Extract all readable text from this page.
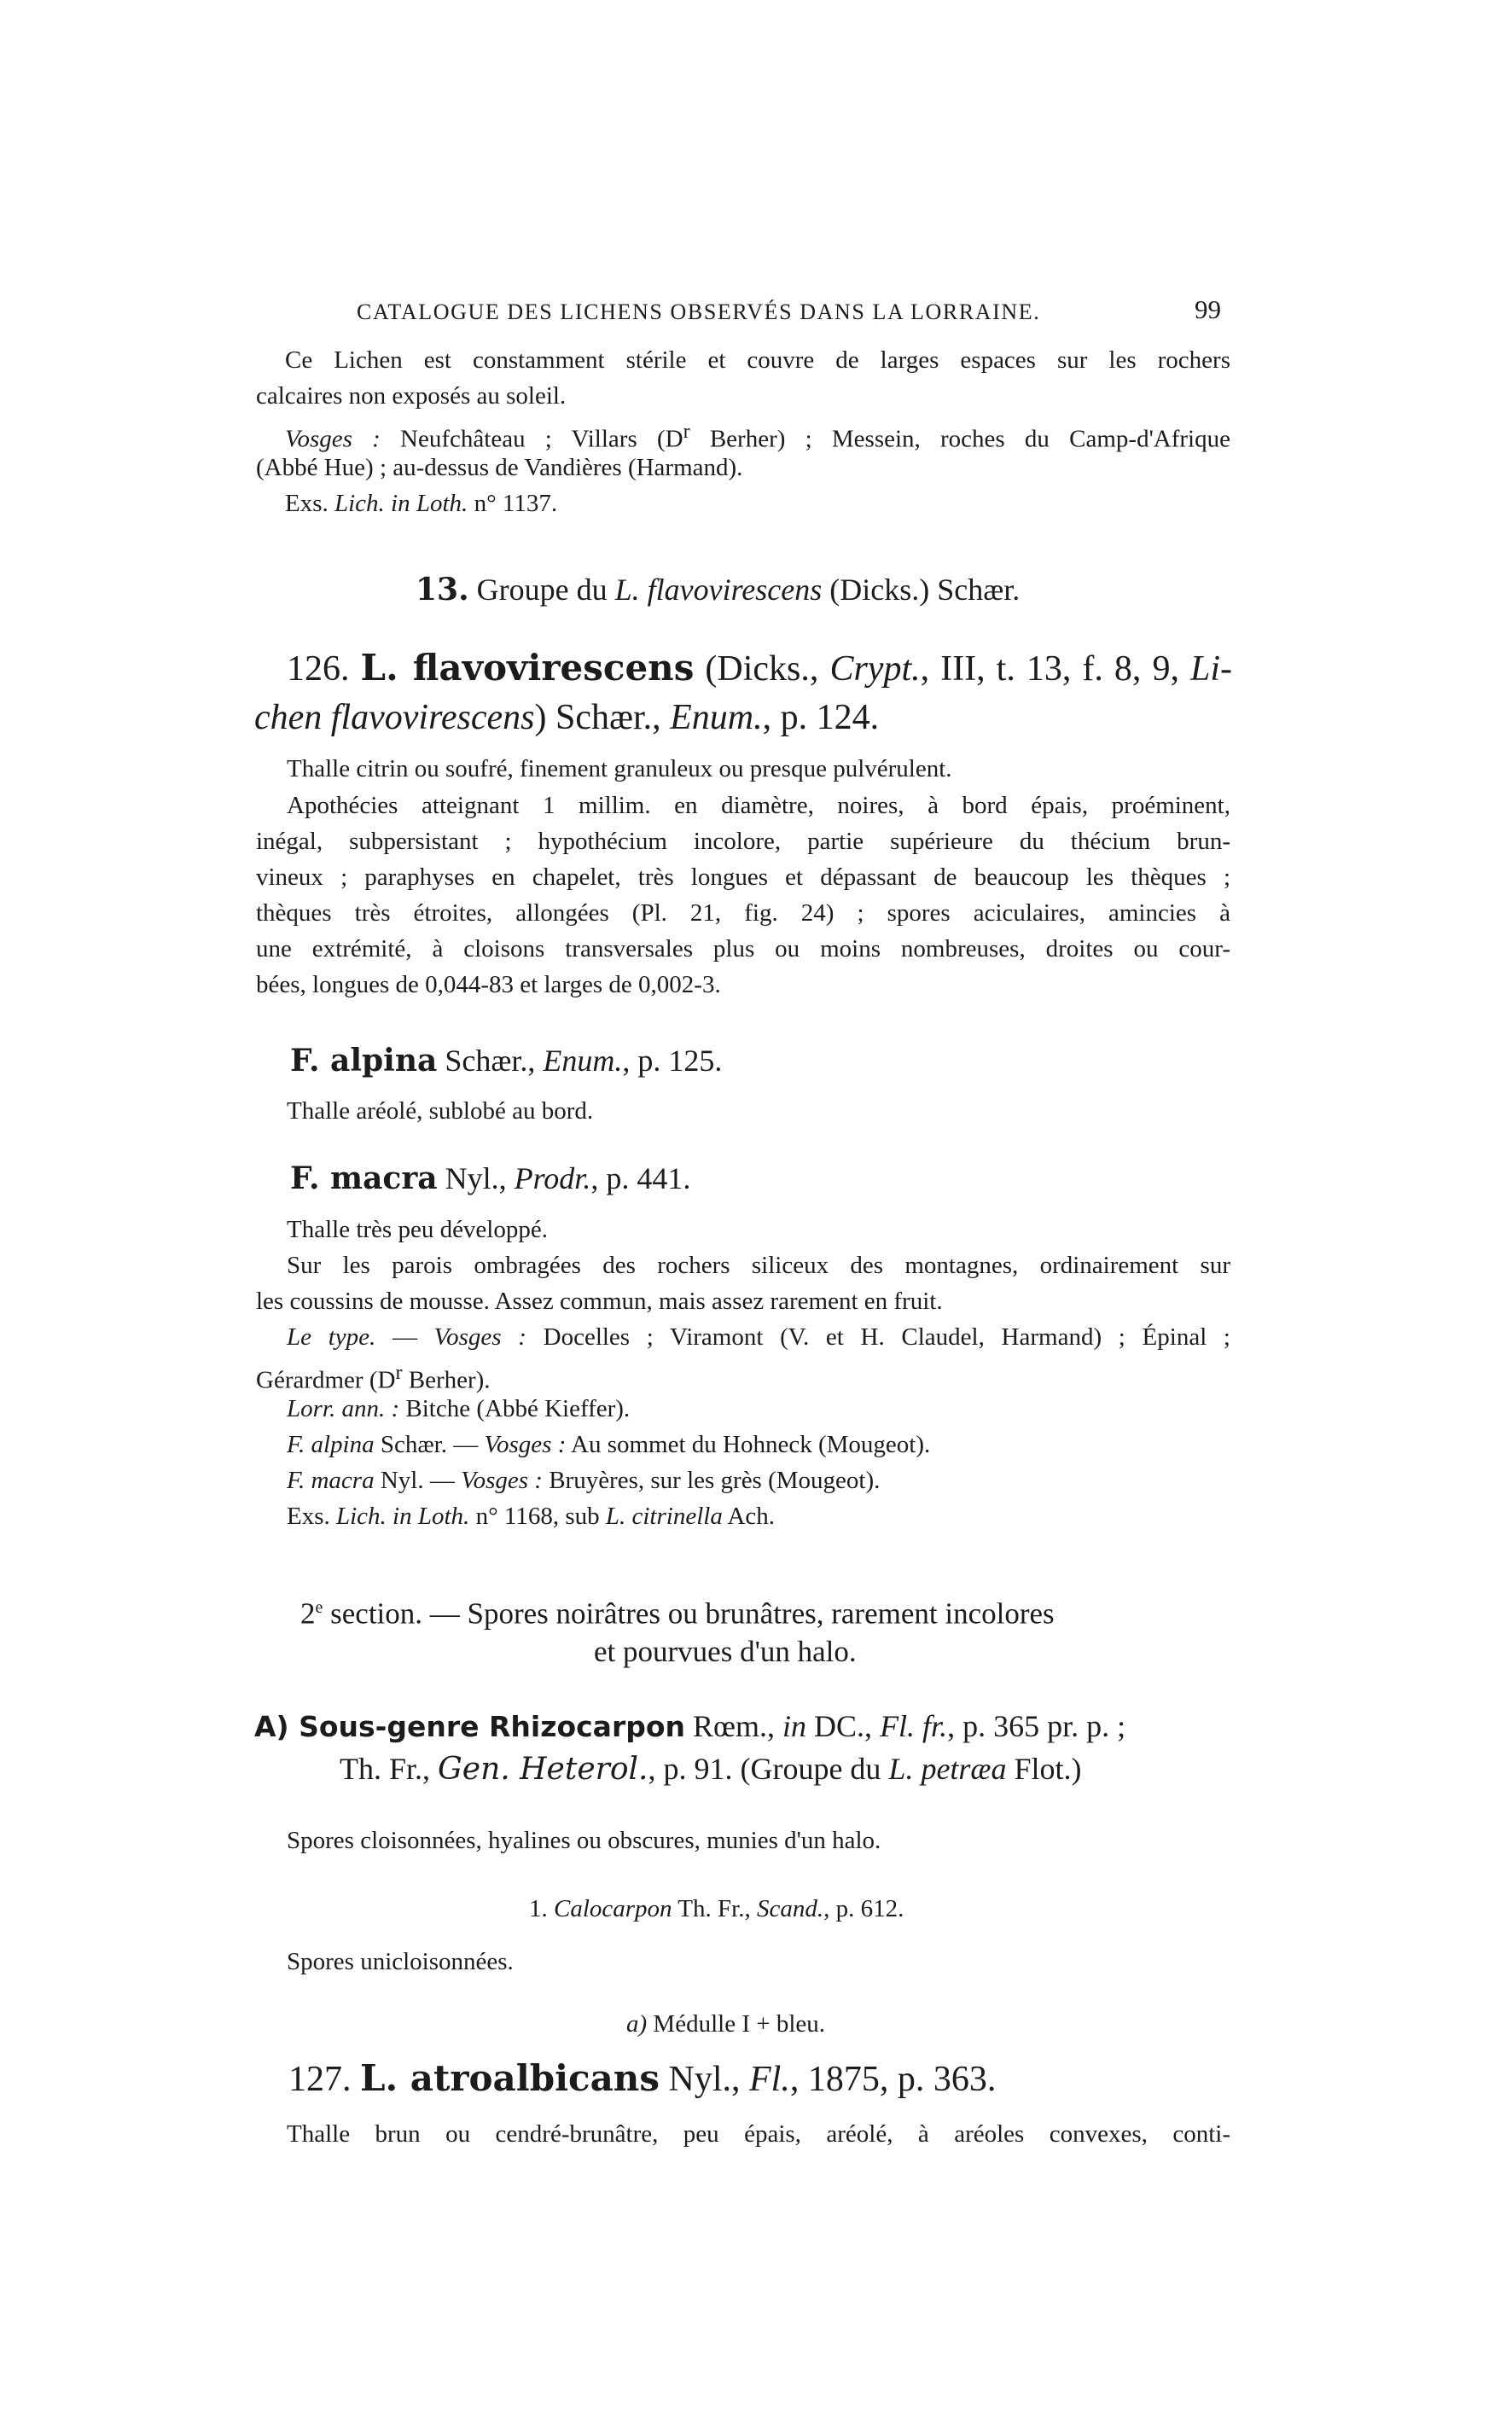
CATALOGUE DES LICHENS OBSERVÉS DANS LA LORRAINE.	99
Ce Lichen est constamment stérile et couvre de larges espaces sur les rochers
calcaires non exposés au soleil.
Vosges : Neufchâteau ; Villars ($D^r$ Berher) ; Messein, roches du Camp-d'Afrique
(Abbé Hue) ; au-dessus de Vandières (Harmand).
Exs. Lich. in Loth. n° 1137.
13. Groupe du L. flavovirescens (Dicks.) Schær.
126. L. flavovirescens (Dicks., Crypt., III, t. 13, f. 8, 9, Li-
chen flavovirescens) Schær., Enum., p. 124.
Thalle citrin ou soufré, finement granuleux ou presque pulvérulent.
Apothécies atteignant 1 millim. en diamètre, noires, à bord épais, proéminent,
inégal, subpersistant ; hypothécium incolore, partie supérieure du thécium brun-
vineux ; paraphyses en chapelet, très longues et dépassant de beaucoup les thèques ;
thèques très étroites, allongées (Pl. 21, fig. 24) ; spores aciculaires, amincies à
une extrémité, à cloisons transversales plus ou moins nombreuses, droites ou cour-
bées, longues de 0,044-83 et larges de 0,002-3.
F. alpina Schær., Enum., p. 125.
Thalle aréolé, sublobé au bord.
F. macra Nyl., Prodr., p. 441.
Thalle très peu développé.
Sur les parois ombragées des rochers siliceux des montagnes, ordinairement sur
les coussins de mousse. Assez commun, mais assez rarement en fruit.
Le type. — Vosges : Docelles ; Viramont (V. et H. Claudel, Harmand) ; Épinal ;
Gérardmer ($D^r$ Berher).
Lorr. ann. : Bitche (Abbé Kieffer).
F. alpina Schær. — Vosges : Au sommet du Hohneck (Mougeot).
F. macra Nyl. — Vosges : Bruyères, sur les grès (Mougeot).
Exs. Lich. in Loth. n° 1168, sub L. citrinella Ach.
2e section. — Spores noirâtres ou brunâtres, rarement incolores
et pourvues d'un halo.
A) Sous-genre Rhizocarpon Rœm., in DC., Fl. fr., p. 365 pr. p. ;
Th. Fr., Gen. Heterol., p. 91. (Groupe du L. petræa Flot.)
Spores cloisonnées, hyalines ou obscures, munies d'un halo.
1. Calocarpon Th. Fr., Scand., p. 612.
Spores unicloisonnées.
a) Médulle I + bleu.
127. L. atroalbicans Nyl., Fl., 1875, p. 363.
Thalle brun ou cendré-brunâtre, peu épais, aréolé, à aréoles convexes, conti-
